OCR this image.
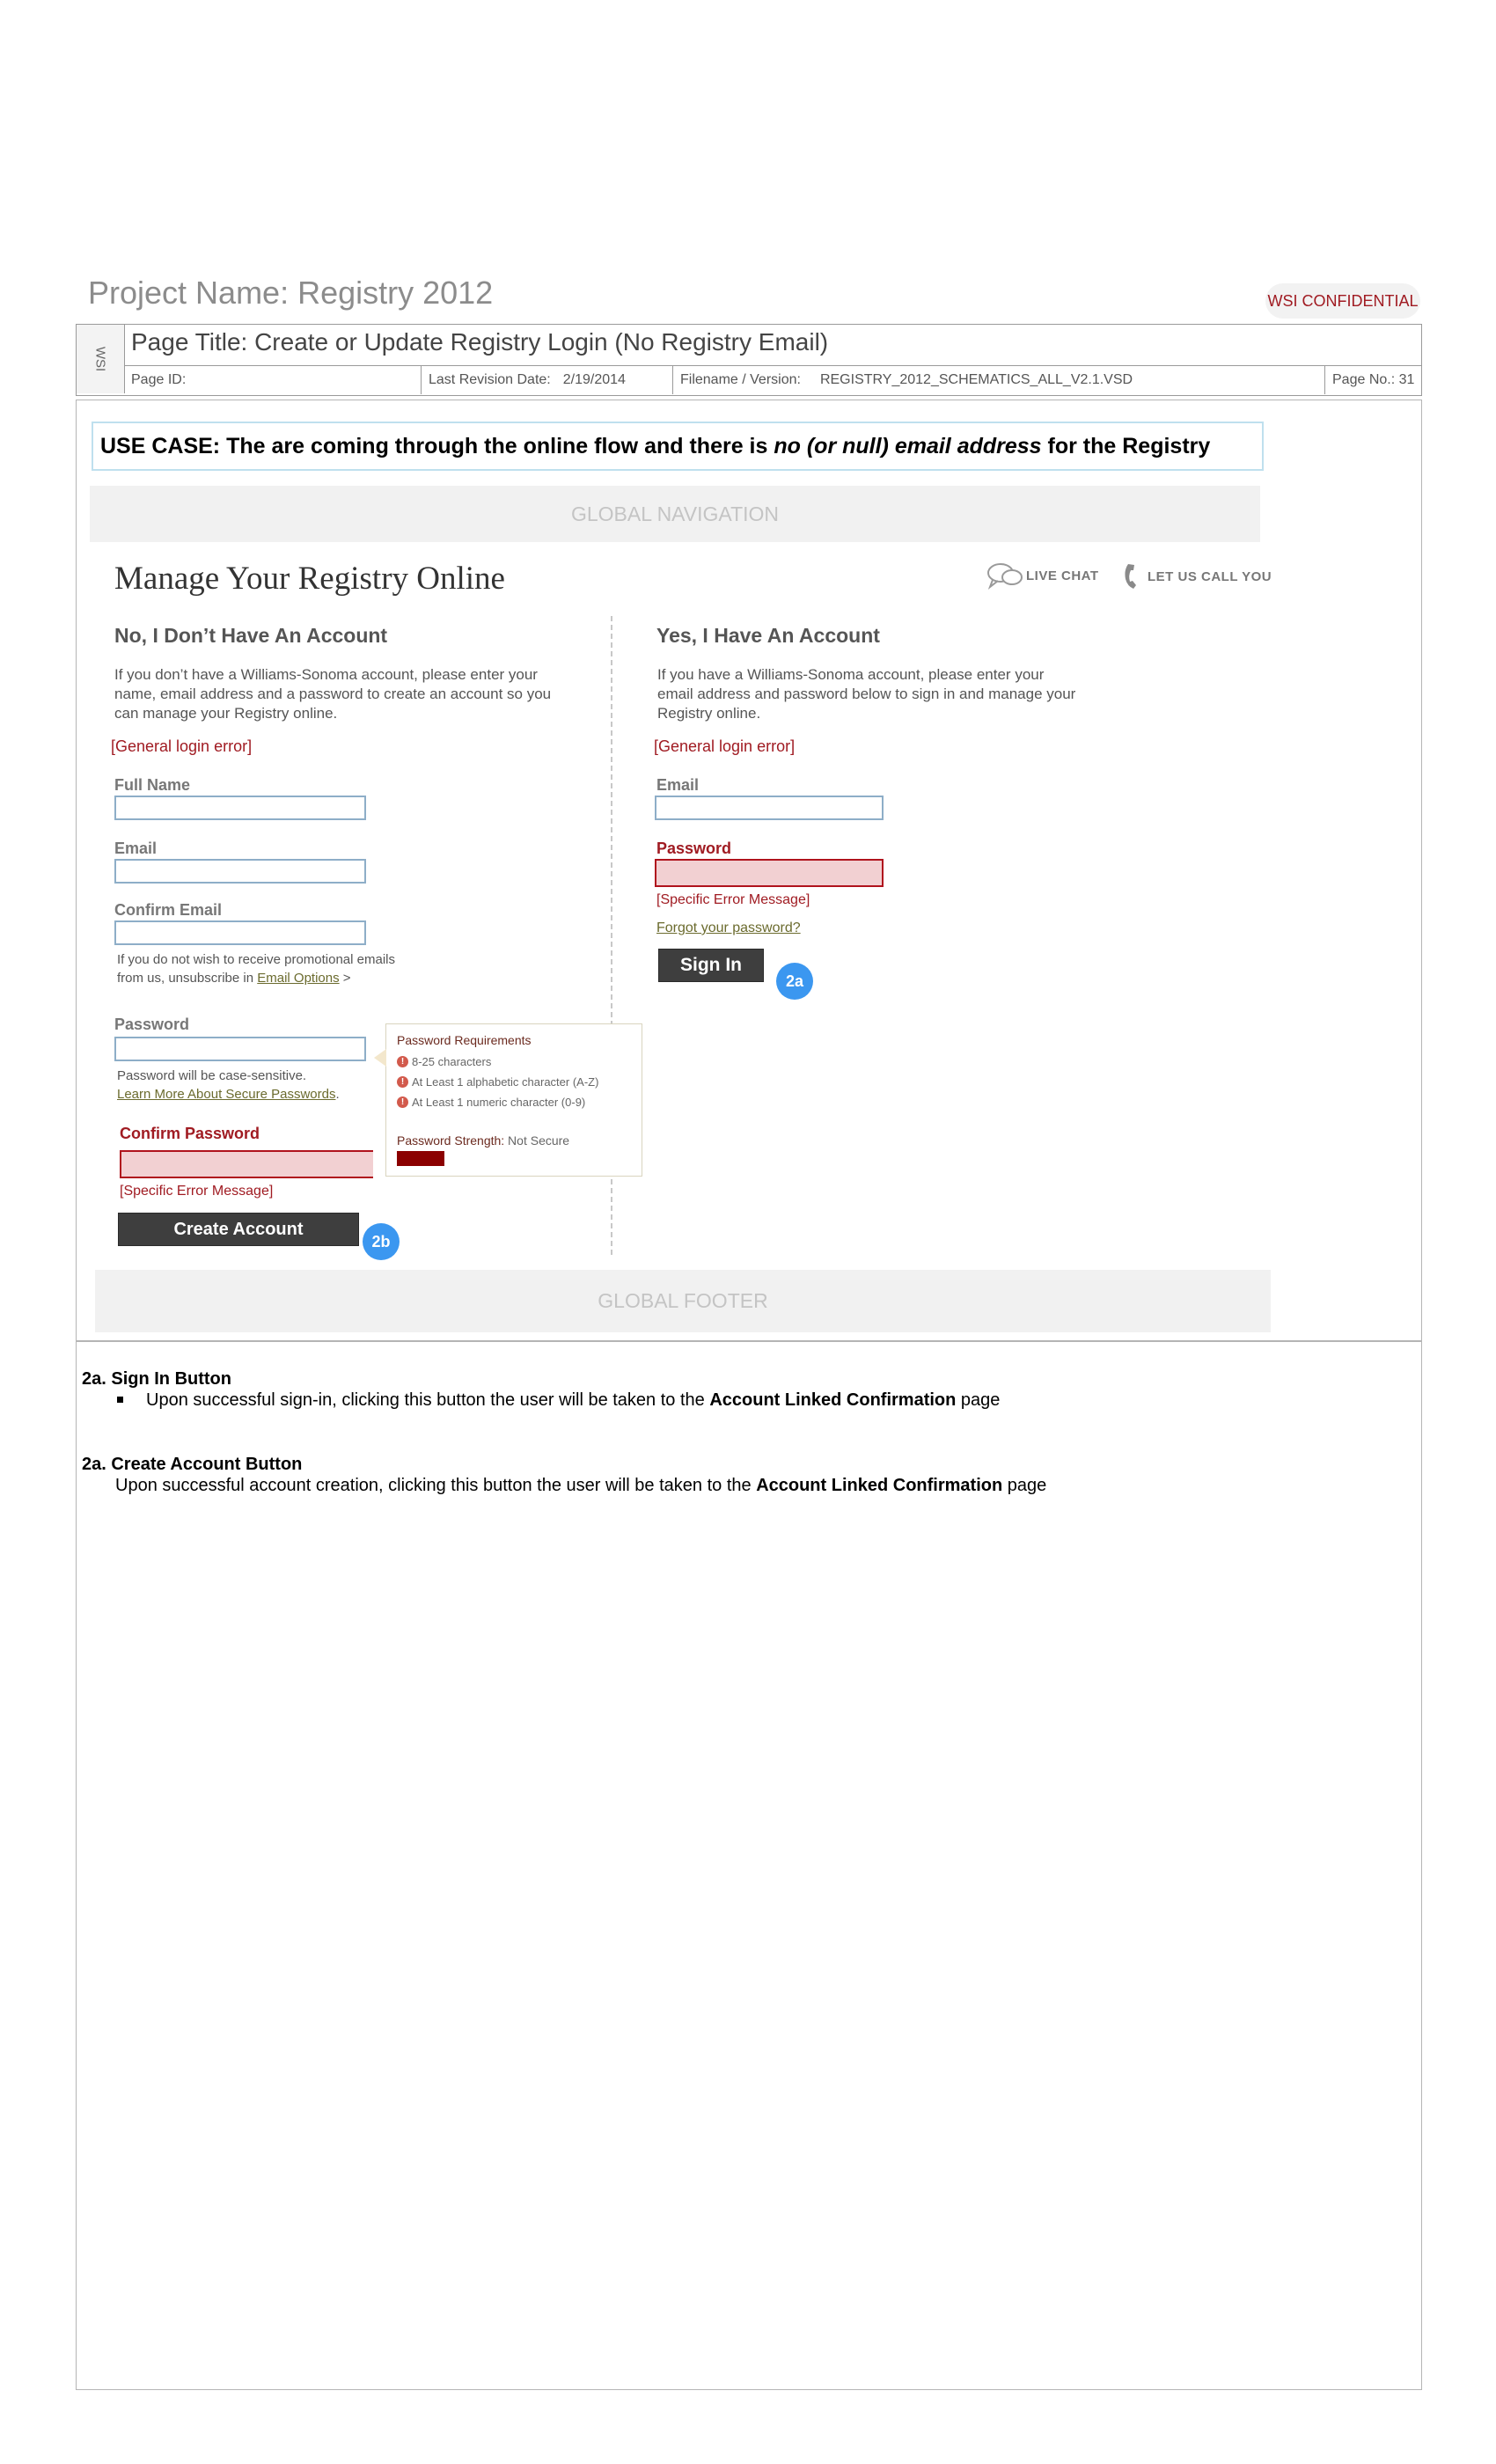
Project Name: Registry 2012	WSI CONFIDENTIAL
WSI
Page Title: Create or Update Registry Login (No Registry Email)
Page ID:	Last Revision Date: 2/19/2014	Filename / Version: REGISTRY_2012_SCHEMATICS_ALL_V2.1.VSD	Page No.: 31
USE CASE: The are coming through the online flow and there is no (or null) email address for the Registry
GLOBAL NAVIGATION
Manage Your Registry Online	LIVE CHAT	LET US CALL YOU
No, I Don’t Have An Account
If you don’t have a Williams-Sonoma account, please enter your
name, email address and a password to create an account so you
can manage your Registry online.
[General login error]
Full Name
Email
Confirm Email
If you do not wish to receive promotional emails
from us, unsubscribe in Email Options >
Password
Password will be case-sensitive.
Learn More About Secure Passwords.
Confirm Password
[Specific Error Message]
Create Account
2b
Password Requirements
! 8-25 characters
! At Least 1 alphabetic character (A-Z)
! At Least 1 numeric character (0-9)
Password Strength: Not Secure
Yes, I Have An Account
If you have a Williams-Sonoma account, please enter your
email address and password below to sign in and manage your
Registry online.
[General login error]
Email
Password
[Specific Error Message]
Forgot your password?
Sign In
2a
GLOBAL FOOTER
2a. Sign In Button
Upon successful sign-in, clicking this button the user will be taken to the Account Linked Confirmation page
2a. Create Account Button
Upon successful account creation, clicking this button the user will be taken to the Account Linked Confirmation page
